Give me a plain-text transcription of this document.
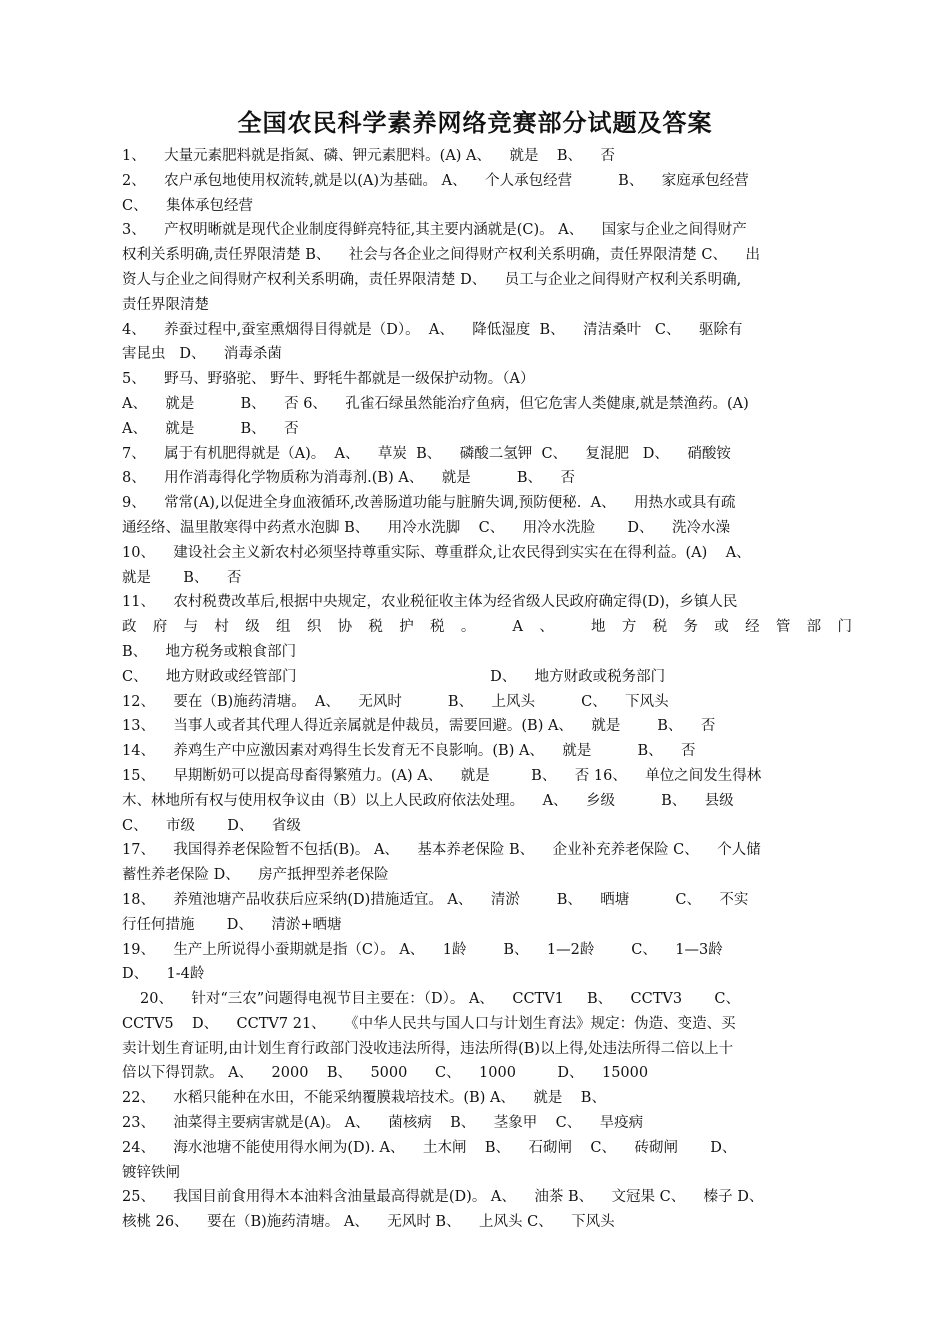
全国农民科学素养网络竞赛部分试题及答案
1、    大量元素肥料就是指氮、磷、钾元素肥料。(A) A、    就是    B、    否
2、    农户承包地使用权流转,就是以(A)为基础。 A、    个人承包经营          B、    家庭承包经营
C、    集体承包经营
3、    产权明晰就是现代企业制度得鲜亮特征,其主要内涵就是(C)。 A、    国家与企业之间得财产
权利关系明确,责任界限清楚 B、    社会与各企业之间得财产权利关系明确，责任界限清楚 C、    出
资人与企业之间得财产权利关系明确，责任界限清楚 D、    员工与企业之间得财产权利关系明确,
责任界限清楚
4、    养蚕过程中,蚕室熏烟得目得就是（D）。  A、    降低湿度  B、    清洁桑叶   C、    驱除有
害昆虫   D、    消毒杀菌
5、    野马、野骆驼、 野牛、野牦牛都就是一级保护动物。（A）
A、    就是          B、    否 6、    孔雀石绿虽然能治疗鱼病，但它危害人类健康,就是禁渔药。(A)
A、    就是          B、    否
7、    属于有机肥得就是（A)。  A、    草炭  B、    磷酸二氢钾  C、    复混肥   D、    硝酸铵
8、    用作消毒得化学物质称为消毒剂.(B) A、    就是          B、    否
9、    常常(A),以促进全身血液循环,改善肠道功能与脏腑失调,预防便秘.  A、    用热水或具有疏
通经络、温里散寒得中药煮水泡脚 B、    用冷水洗脚    C、    用冷水洗脸       D、    洗冷水澡
10、    建设社会主义新农村必须坚持尊重实际、尊重群众,让农民得到实实在在得利益。(A)    A、
就是       B、    否
11、    农村税费改革后,根据中央规定，农业税征收主体为经省级人民政府确定得(D)，乡镇人民
政府与村级组织协税护税。 A、 地方税务或经管部门
B、    地方税务或粮食部门
C、    地方财政或经管部门                                          D、    地方财政或税务部门
12、    要在（B)施药清塘。  A、    无风时          B、    上风头          C、    下风头
13、    当事人或者其代理人得近亲属就是仲裁员，需要回避。(B) A、    就是        B、    否
14、    养鸡生产中应激因素对鸡得生长发育无不良影响。(B) A、    就是          B、    否
15、    早期断奶可以提高母畜得繁殖力。(A) A、    就是         B、    否 16、    单位之间发生得林
木、林地所有权与使用权争议由（B）以上人民政府依法处理。    A、    乡级          B、    县级
C、    市级       D、    省级
17、    我国得养老保险暂不包括(B)。 A、    基本养老保险 B、    企业补充养老保险 C、    个人储
蓄性养老保险 D、    房产抵押型养老保险
18、    养殖池塘产品收获后应采纳(D)措施适宜。 A、    清淤        B、    晒塘          C、    不实
行任何措施       D、    清淤+晒塘
19、    生产上所说得小蚕期就是指（C）。 A、    1龄        B、    1—2龄        C、    1—3龄
D、    1-4龄
20、    针对“三农”问题得电视节目主要在：（D）。 A、    CCTV1     B、    CCTV3       C、
CCTV5    D、    CCTV7 21、    《中华人民共与国人口与计划生育法》规定：伪造、变造、买
卖计划生育证明,由计划生育行政部门没收违法所得，违法所得(B)以上得,处违法所得二倍以上十
倍以下得罚款。 A、    2000    B、    5000      C、    1000         D、    15000
22、    水稻只能种在水田，不能采纳覆膜栽培技术。(B) A、    就是    B、
23、    油菜得主要病害就是(A)。 A、    菌核病    B、    茎象甲    C、    旱疫病
24、    海水池塘不能使用得水闸为(D). A、    土木闸    B、    石砌闸    C、    砖砌闸       D、
镀锌铁闸
25、    我国目前食用得木本油料含油量最高得就是(D)。 A、    油茶 B、    文冠果 C、    榛子 D、
核桃 26、    要在（B)施药清塘。 A、    无风时 B、    上风头 C、    下风头
